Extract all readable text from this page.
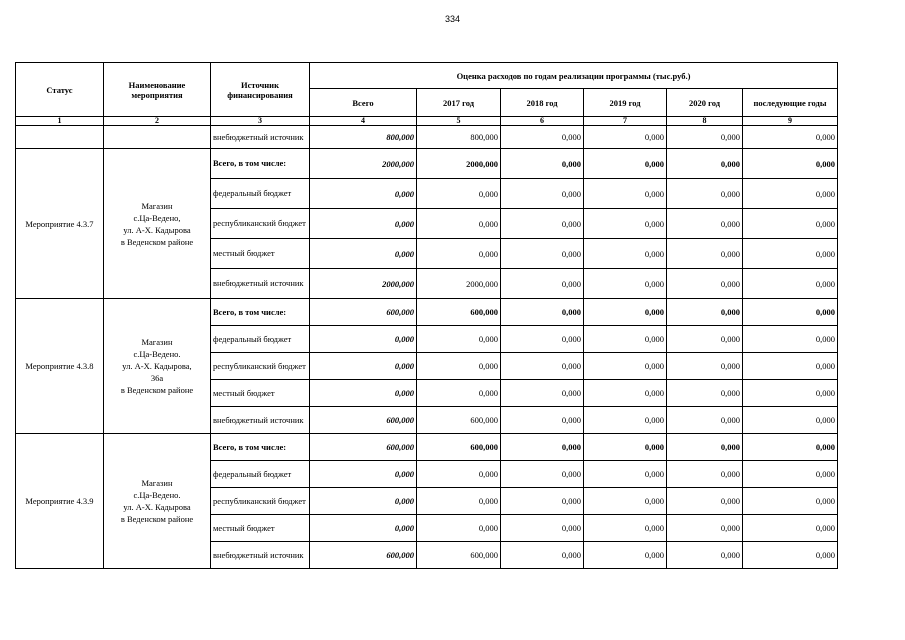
334
Статус	Наименование мероприятия	Источник финансирования	Оценка расходов по годам реализации программы (тыс.руб.)					
			Всего	2017 год	2018 год	2019 год	2020 год	последующие годы
1	2	3	4	5	6	7	8	9
		внебюджетный источник	800,000	800,000	0,000	0,000	0,000	0,000
Мероприятие 4.3.7	Магазин
с.Ца-Ведено,
ул. А-Х. Кадырова
в Веденском районе	Всего, в том числе:	2000,000	2000,000	0,000	0,000	0,000	0,000
		федеральный бюджет	0,000	0,000	0,000	0,000	0,000	0,000
		республиканский бюджет	0,000	0,000	0,000	0,000	0,000	0,000
		местный бюджет	0,000	0,000	0,000	0,000	0,000	0,000
		внебюджетный источник	2000,000	2000,000	0,000	0,000	0,000	0,000
Мероприятие 4.3.8	Магазин
с.Ца-Ведено.
ул. А-Х. Кадырова,
36а
в Веденском районе	Всего, в том числе:	600,000	600,000	0,000	0,000	0,000	0,000
		федеральный бюджет	0,000	0,000	0,000	0,000	0,000	0,000
		республиканский бюджет	0,000	0,000	0,000	0,000	0,000	0,000
		местный бюджет	0,000	0,000	0,000	0,000	0,000	0,000
		внебюджетный источник	600,000	600,000	0,000	0,000	0,000	0,000
Мероприятие 4.3.9	Магазин
с.Ца-Ведено.
ул. А-Х. Кадырова
в Веденском районе	Всего, в том числе:	600,000	600,000	0,000	0,000	0,000	0,000
		федеральный бюджет	0,000	0,000	0,000	0,000	0,000	0,000
		республиканский бюджет	0,000	0,000	0,000	0,000	0,000	0,000
		местный бюджет	0,000	0,000	0,000	0,000	0,000	0,000
		внебюджетный источник	600,000	600,000	0,000	0,000	0,000	0,000
